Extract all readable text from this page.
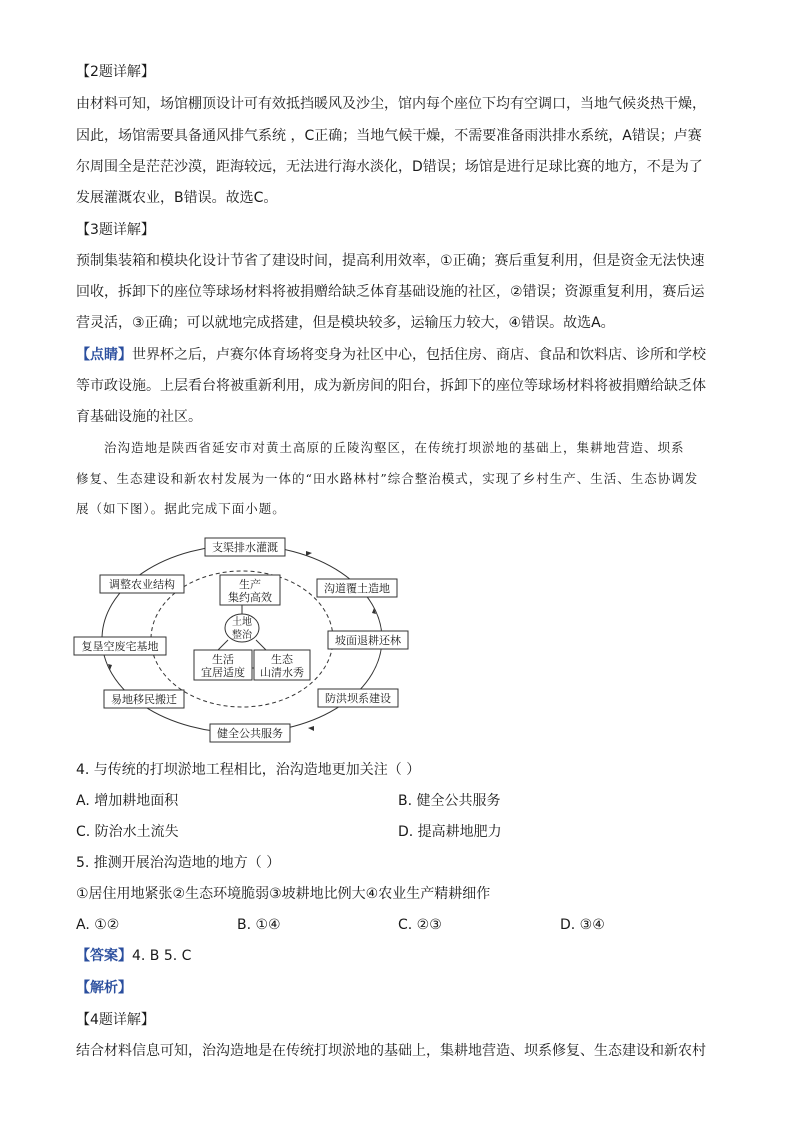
【2题详解】
由材料可知，场馆棚顶设计可有效抵挡暖风及沙尘，馆内每个座位下均有空调口，当地气候炎热干燥，
因此，场馆需要具备通风排气系统 ，C正确；当地气候干燥，不需要准备雨洪排水系统，A错误；卢赛
尔周围全是茫茫沙漠，距海较远，无法进行海水淡化，D错误；场馆是进行足球比赛的地方，不是为了
发展灌溉农业，B错误。故选C。
【3题详解】
预制集装箱和模块化设计节省了建设时间，提高利用效率，①正确；赛后重复利用，但是资金无法快速
回收，拆卸下的座位等球场材料将被捐赠给缺乏体育基础设施的社区，②错误；资源重复利用，赛后运
营灵活，③正确；可以就地完成搭建，但是模块较多，运输压力较大，④错误。故选A。
【点睛】世界杯之后，卢赛尔体育场将变身为社区中心，包括住房、商店、食品和饮料店、诊所和学校
等市政设施。上层看台将被重新利用，成为新房间的阳台，拆卸下的座位等球场材料将被捐赠给缺乏体
育基础设施的社区。
治沟造地是陕西省延安市对黄土高原的丘陵沟壑区，在传统打坝淤地的基础上，集耕地营造、坝系
修复、生态建设和新农村发展为一体的“田水路林村”综合整治模式，实现了乡村生产、生活、生态协调发
展（如下图）。据此完成下面小题。
生产
集约高效
土地
整治
生活
宜居适度
生态
山清水秀
支渠排水灌溉
沟道覆土造地
坡面退耕还林
防洪坝系建设
健全公共服务
易地移民搬迁
复垦空废宅基地
调整农业结构
4. 与传统的打坝淤地工程相比，治沟造地更加关注（ ）
A. 增加耕地面积	B. 健全公共服务
C. 防治水土流失	D. 提高耕地肥力
5. 推测开展治沟造地的地方（ ）
①居住用地紧张②生态环境脆弱③坡耕地比例大④农业生产精耕细作
A. ①②	B. ①④	C. ②③	D. ③④
【答案】4. B 5. C
【解析】
【4题详解】
结合材料信息可知，治沟造地是在传统打坝淤地的基础上，集耕地营造、坝系修复、生态建设和新农村
